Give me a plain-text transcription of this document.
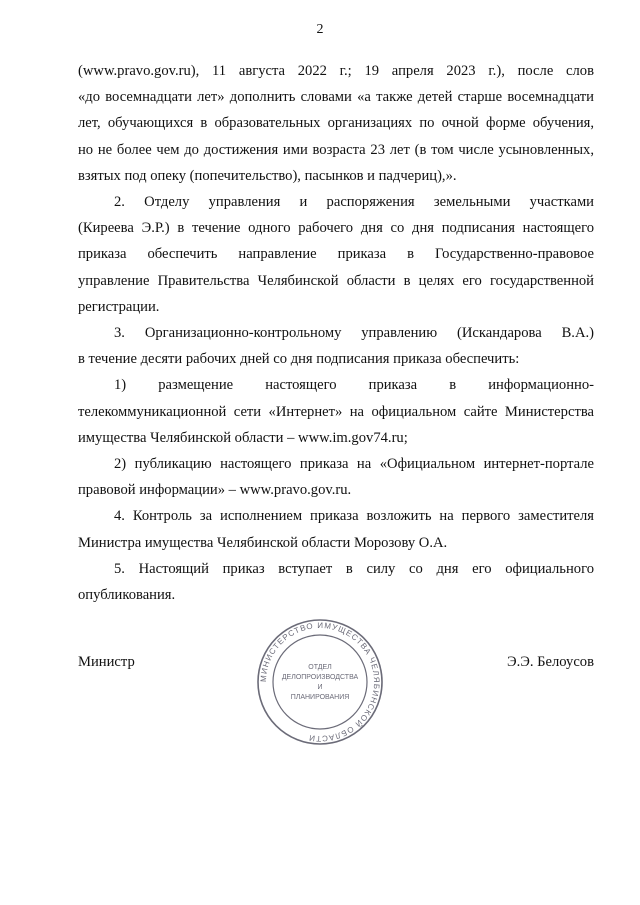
2

(www.pravo.gov.ru), 11 августа 2022 г.; 19 апреля 2023 г.), после слов
«до восемнадцати лет» дополнить словами «а также детей старше восемнадцати
лет, обучающихся в образовательных организациях по очной форме обучения,
но не более чем до достижения ими возраста 23 лет (в том числе усыновленных,
взятых под опеку (попечительство), пасынков и падчериц),».

2. Отделу управления и распоряжения земельными участками
(Киреева Э.Р.) в течение одного рабочего дня со дня подписания настоящего
приказа обеспечить направление приказа в Государственно-правовое
управление Правительства Челябинской области в целях его государственной
регистрации.

3. Организационно-контрольному управлению (Искандарова В.А.)
в течение десяти рабочих дней со дня подписания приказа обеспечить:

1) размещение настоящего приказа в информационно-
телекоммуникационной сети «Интернет» на официальном сайте Министерства
имущества Челябинской области – www.im.gov74.ru;

2) публикацию настоящего приказа на «Официальном интернет-портале
правовой информации» – www.pravo.gov.ru.

4. Контроль за исполнением приказа возложить на первого заместителя
Министра имущества Челябинской области Морозову О.А.

5. Настоящий приказ вступает в силу со дня его официального
опубликования.

Министр
МИНИСТЕРСТВО ИМУЩЕСТВА ЧЕЛЯБИНСКОЙ ОБЛАСТИ
ОТДЕЛ
ДЕЛОПРОИЗВОДСТВА
И
ПЛАНИРОВАНИЯ
Э.Э. Белоусов
